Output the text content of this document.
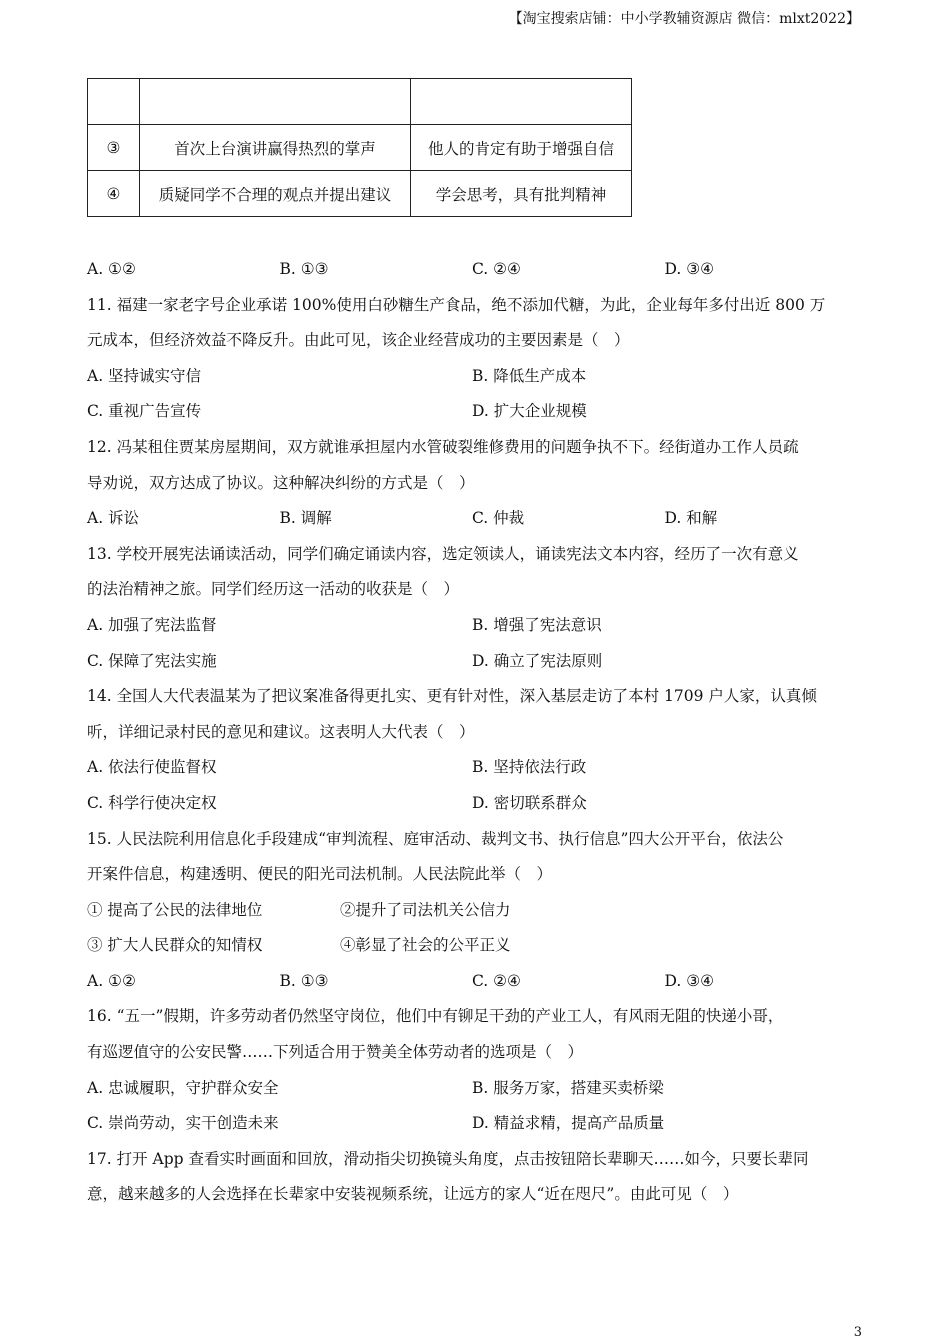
【淘宝搜索店铺：中小学教辅资源店 微信：mlxt2022】

③	首次上台演讲赢得热烈的掌声	他人的肯定有助于增强自信
④	质疑同学不合理的观点并提出建议	学会思考，具有批判精神
A. ①②	B. ①③	C. ②④	D. ③④
11. 福建一家老字号企业承诺 100%使用白砂糖生产食品，绝不添加代糖，为此，企业每年多付出近 800 万
元成本，但经济效益不降反升。由此可见，该企业经营成功的主要因素是（　）
A. 坚持诚实守信	B. 降低生产成本
C. 重视广告宣传	D. 扩大企业规模
12. 冯某租住贾某房屋期间，双方就谁承担屋内水管破裂维修费用的问题争执不下。经街道办工作人员疏
导劝说，双方达成了协议。这种解决纠纷的方式是（　）
A. 诉讼	B. 调解	C. 仲裁	D. 和解
13. 学校开展宪法诵读活动，同学们确定诵读内容，选定领读人，诵读宪法文本内容，经历了一次有意义
的法治精神之旅。同学们经历这一活动的收获是（　）
A. 加强了宪法监督	B. 增强了宪法意识
C. 保障了宪法实施	D. 确立了宪法原则
14. 全国人大代表温某为了把议案准备得更扎实、更有针对性，深入基层走访了本村 1709 户人家，认真倾
听，详细记录村民的意见和建议。这表明人大代表（　）
A. 依法行使监督权	B. 坚持依法行政
C. 科学行使决定权	D. 密切联系群众
15. 人民法院利用信息化手段建成“审判流程、庭审活动、裁判文书、执行信息”四大公开平台，依法公
开案件信息，构建透明、便民的阳光司法机制。人民法院此举（　）
① 提高了公民的法律地位	②提升了司法机关公信力
③ 扩大人民群众的知情权	④彰显了社会的公平正义
A. ①②	B. ①③	C. ②④	D. ③④
16. “五一”假期，许多劳动者仍然坚守岗位，他们中有铆足干劲的产业工人，有风雨无阻的快递小哥，
有巡逻值守的公安民警……下列适合用于赞美全体劳动者的选项是（　）
A. 忠诚履职，守护群众安全	B. 服务万家，搭建买卖桥梁
C. 崇尚劳动，实干创造未来	D. 精益求精，提高产品质量
17. 打开 App 查看实时画面和回放，滑动指尖切换镜头角度，点击按钮陪长辈聊天……如今，只要长辈同
意，越来越多的人会选择在长辈家中安装视频系统，让远方的家人“近在咫尺”。由此可见（　）
3
